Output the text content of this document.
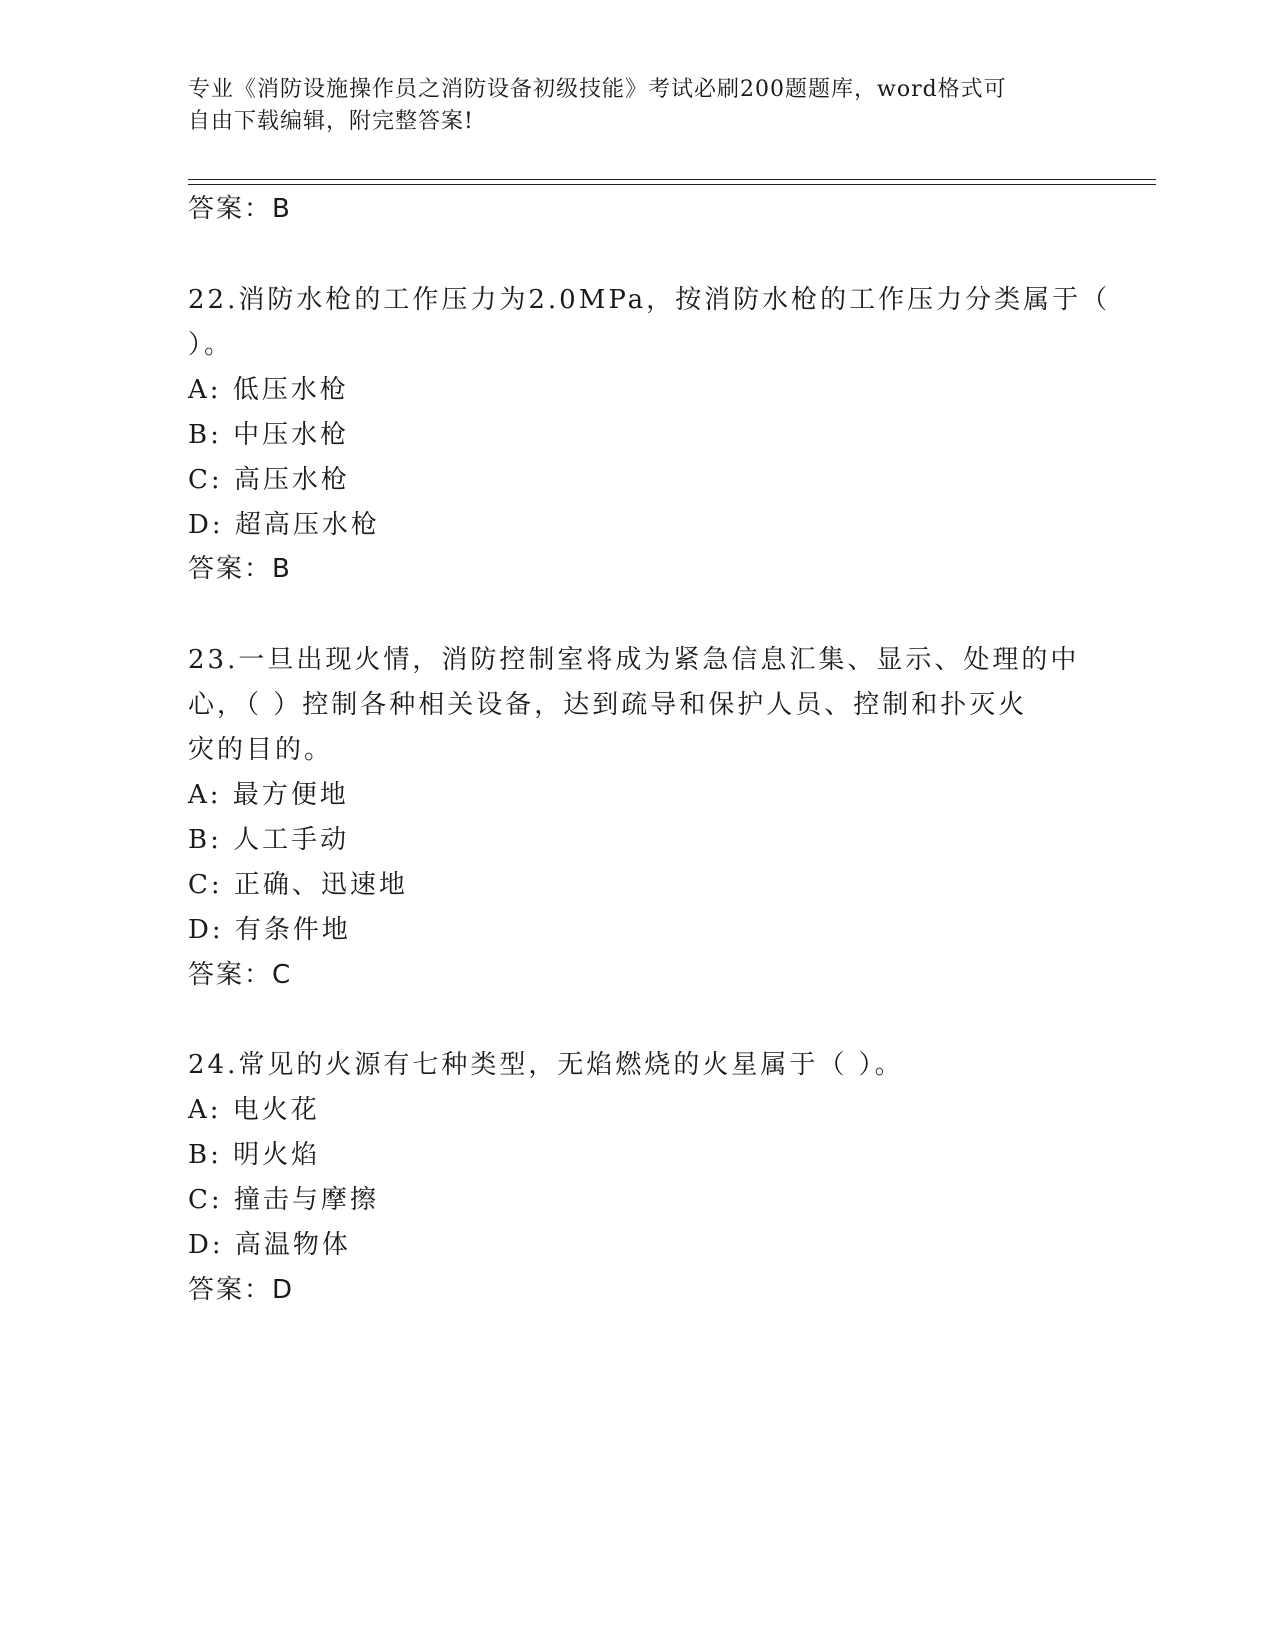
专业《消防设施操作员之消防设备初级技能》考试必刷200题题库，word格式可
自由下载编辑，附完整答案!
答案：B
22.消防水枪的工作压力为2.0MPa，按消防水枪的工作压力分类属于（
）。
A: 低压水枪
B: 中压水枪
C: 高压水枪
D: 超高压水枪
答案：B
23.一旦出现火情，消防控制室将成为紧急信息汇集、显示、处理的中
心，（ ）控制各种相关设备，达到疏导和保护人员、控制和扑灭火
灾的目的。
A: 最方便地
B: 人工手动
C: 正确、迅速地
D: 有条件地
答案：C
24.常见的火源有七种类型，无焰燃烧的火星属于（ ）。
A: 电火花
B: 明火焰
C: 撞击与摩擦
D: 高温物体
答案：D
